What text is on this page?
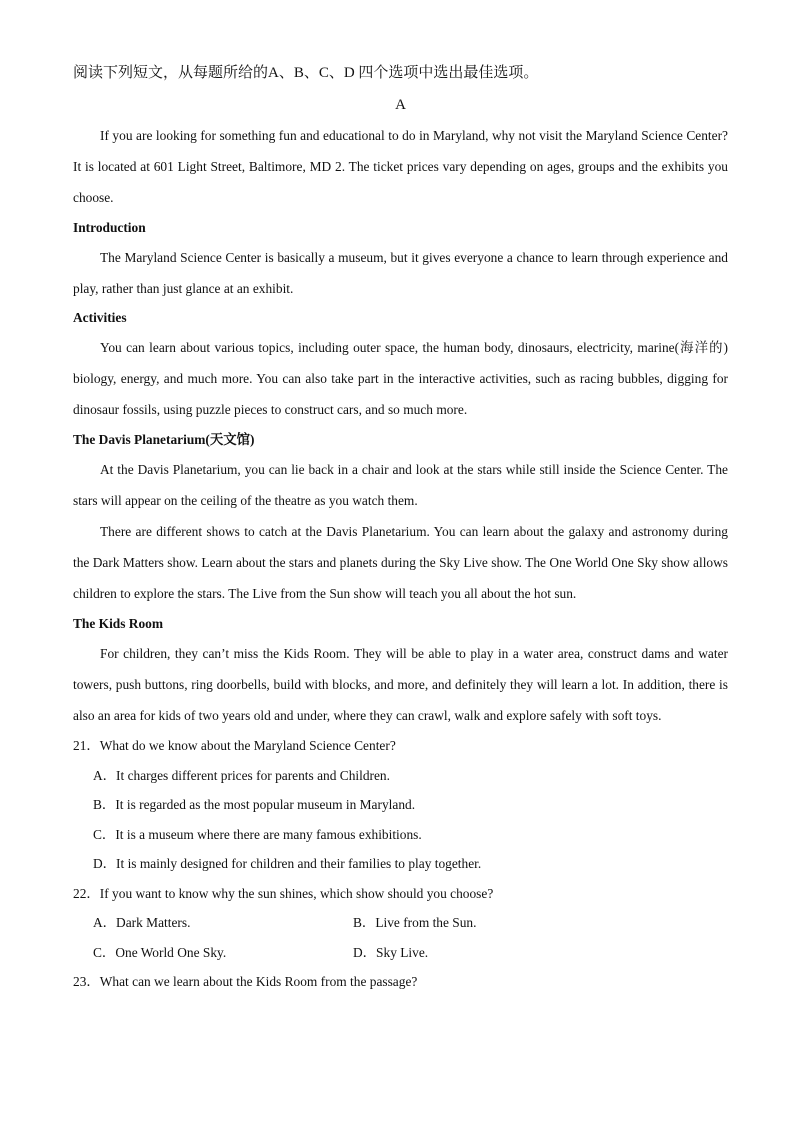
阅读下列短文，从每题所给的A、B、C、D 四个选项中选出最佳选项。

A

If you are looking for something fun and educational to do in Maryland, why not visit the Maryland Science Center? It is located at 601 Light Street, Baltimore, MD 2. The ticket prices vary depending on ages, groups and the exhibits you choose.

Introduction

The Maryland Science Center is basically a museum, but it gives everyone a chance to learn through experience and play, rather than just glance at an exhibit.

Activities

You can learn about various topics, including outer space, the human body, dinosaurs, electricity, marine(海洋的) biology, energy, and much more. You can also take part in the interactive activities, such as racing bubbles, digging for dinosaur fossils, using puzzle pieces to construct cars, and so much more.

The Davis Planetarium(天文馆)

At the Davis Planetarium, you can lie back in a chair and look at the stars while still inside the Science Center. The stars will appear on the ceiling of the theatre as you watch them.

There are different shows to catch at the Davis Planetarium. You can learn about the galaxy and astronomy during the Dark Matters show. Learn about the stars and planets during the Sky Live show. The One World One Sky show allows children to explore the stars. The Live from the Sun show will teach you all about the hot sun.

The Kids Room

For children, they can’t miss the Kids Room. They will be able to play in a water area, construct dams and water towers, push buttons, ring doorbells, build with blocks, and more, and definitely they will learn a lot. In addition, there is also an area for kids of two years old and under, where they can crawl, walk and explore safely with soft toys.

21．What do we know about the Maryland Science Center?

A．It charges different prices for parents and Children.

B．It is regarded as the most popular museum in Maryland.

C．It is a museum where there are many famous exhibitions.

D．It is mainly designed for children and their families to play together.

22．If you want to know why the sun shines, which show should you choose?

A．Dark Matters.	B．Live from the Sun.
C．One World One Sky.	D．Sky Live.

23．What can we learn about the Kids Room from the passage?
